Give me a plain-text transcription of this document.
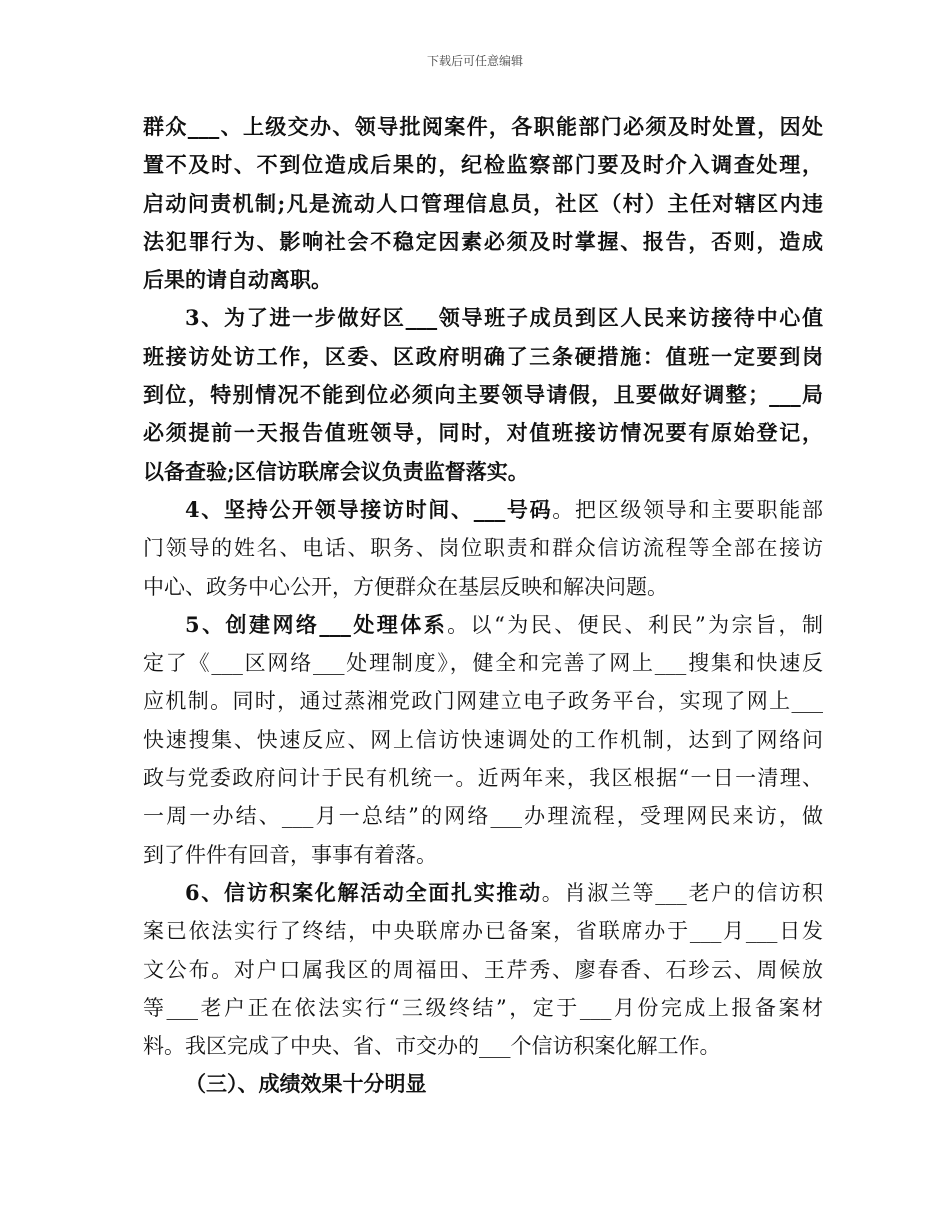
下载后可任意编辑
群众___、上级交办、领导批阅案件，各职能部门必须及时处置，因处
置不及时、不到位造成后果的，纪检监察部门要及时介入调查处理，
启动问责机制;凡是流动人口管理信息员，社区（村）主任对辖区内违
法犯罪行为、影响社会不稳定因素必须及时掌握、报告，否则，造成
后果的请自动离职。
3、为了进一步做好区___领导班子成员到区人民来访接待中心值
班接访处访工作，区委、区政府明确了三条硬措施：值班一定要到岗
到位，特别情况不能到位必须向主要领导请假，且要做好调整；___局
必须提前一天报告值班领导，同时，对值班接访情况要有原始登记，
以备查验;区信访联席会议负责监督落实。
4、坚持公开领导接访时间、___号码。把区级领导和主要职能部
门领导的姓名、电话、职务、岗位职责和群众信访流程等全部在接访
中心、政务中心公开，方便群众在基层反映和解决问题。
5、创建网络___处理体系。以“为民、便民、利民”为宗旨，制
定了《___区网络___处理制度》，健全和完善了网上___搜集和快速反
应机制。同时，通过蒸湘党政门网建立电子政务平台，实现了网上___
快速搜集、快速反应、网上信访快速调处的工作机制，达到了网络问
政与党委政府问计于民有机统一。近两年来，我区根据“一日一清理、
一周一办结、___月一总结”的网络___办理流程，受理网民来访，做
到了件件有回音，事事有着落。
6、信访积案化解活动全面扎实推动。肖淑兰等___老户的信访积
案已依法实行了终结，中央联席办已备案，省联席办于___月___日发
文公布。对户口属我区的周福田、王芹秀、廖春香、石珍云、周候放
等___老户正在依法实行“三级终结”，定于___月份完成上报备案材
料。我区完成了中央、省、市交办的___个信访积案化解工作。
（三）、成绩效果十分明显
